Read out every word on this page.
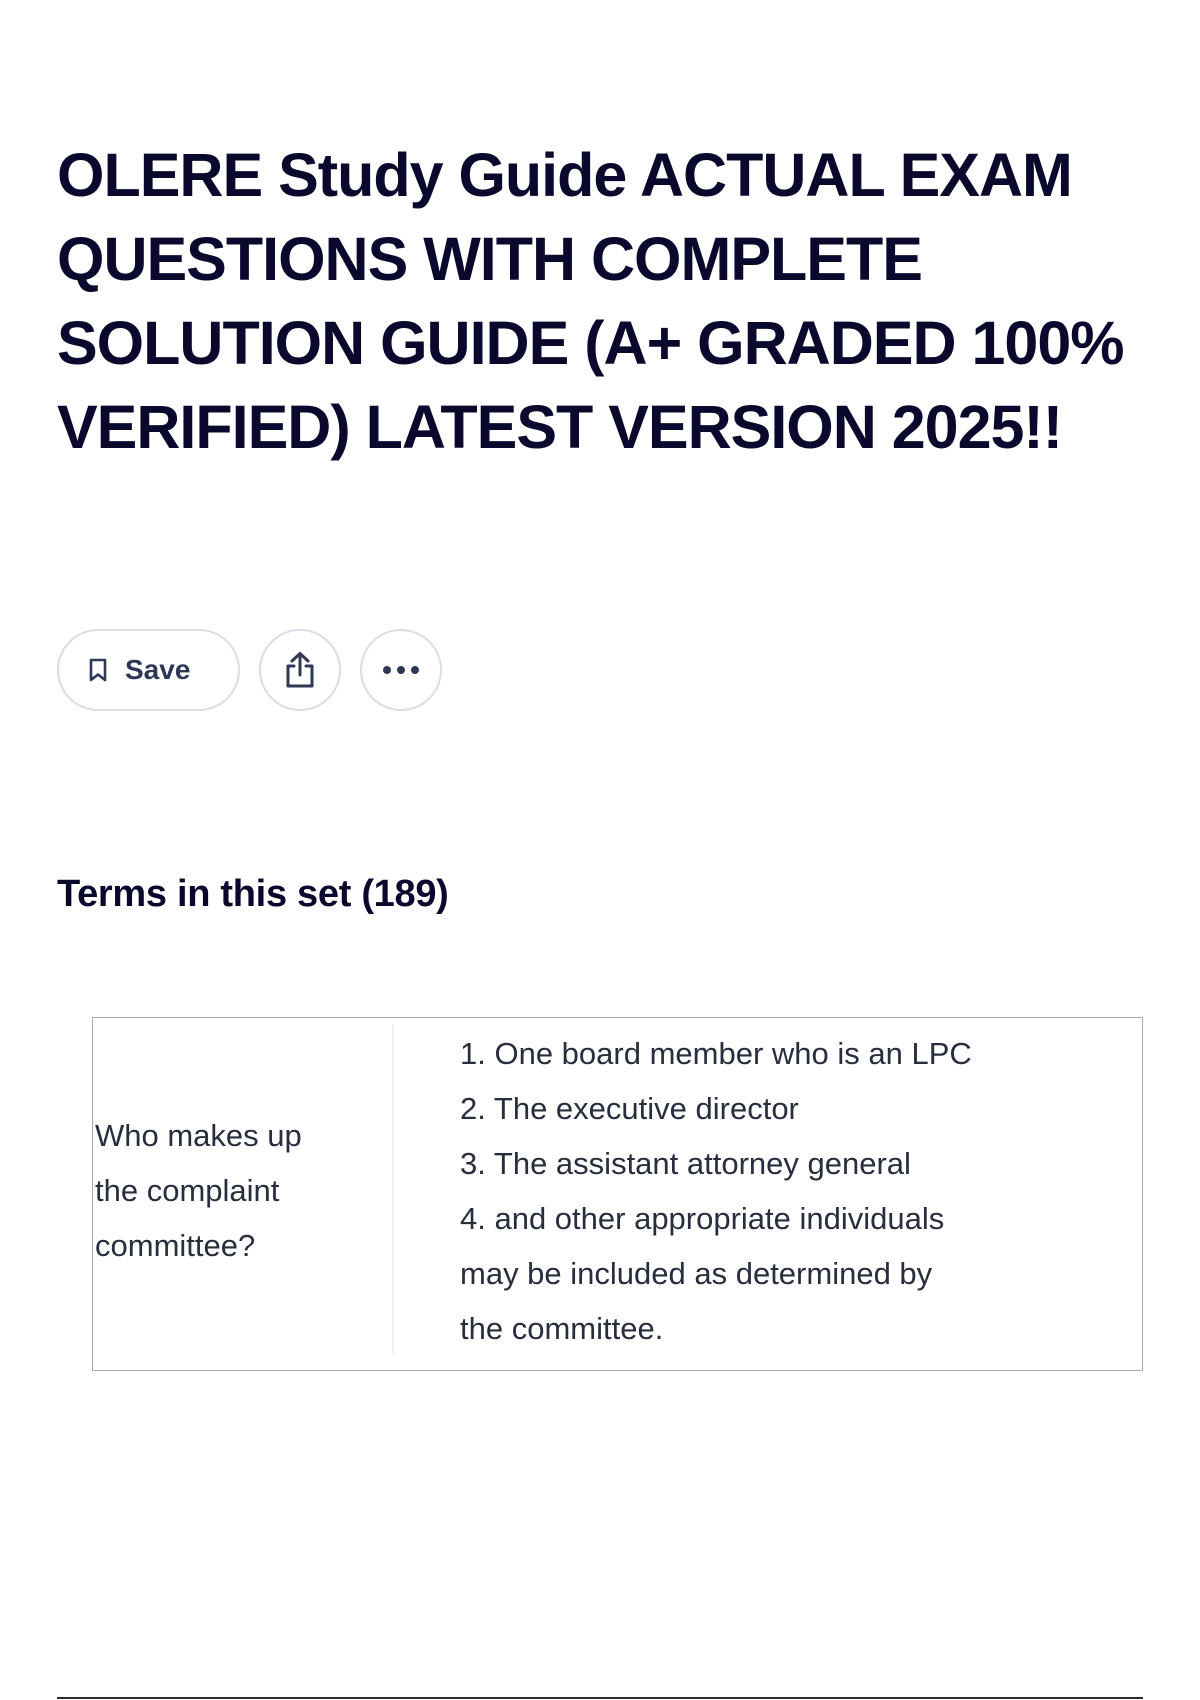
OLERE Study Guide ACTUAL EXAM QUESTIONS WITH COMPLETE SOLUTION GUIDE (A+ GRADED 100% VERIFIED) LATEST VERSION 2025!!
Save
Terms in this set (189)
Who makes up the complaint committee?
1. One board member who is an LPC
2. The executive director
3. The assistant attorney general
4. and other appropriate individuals
may be included as determined by
the committee.
